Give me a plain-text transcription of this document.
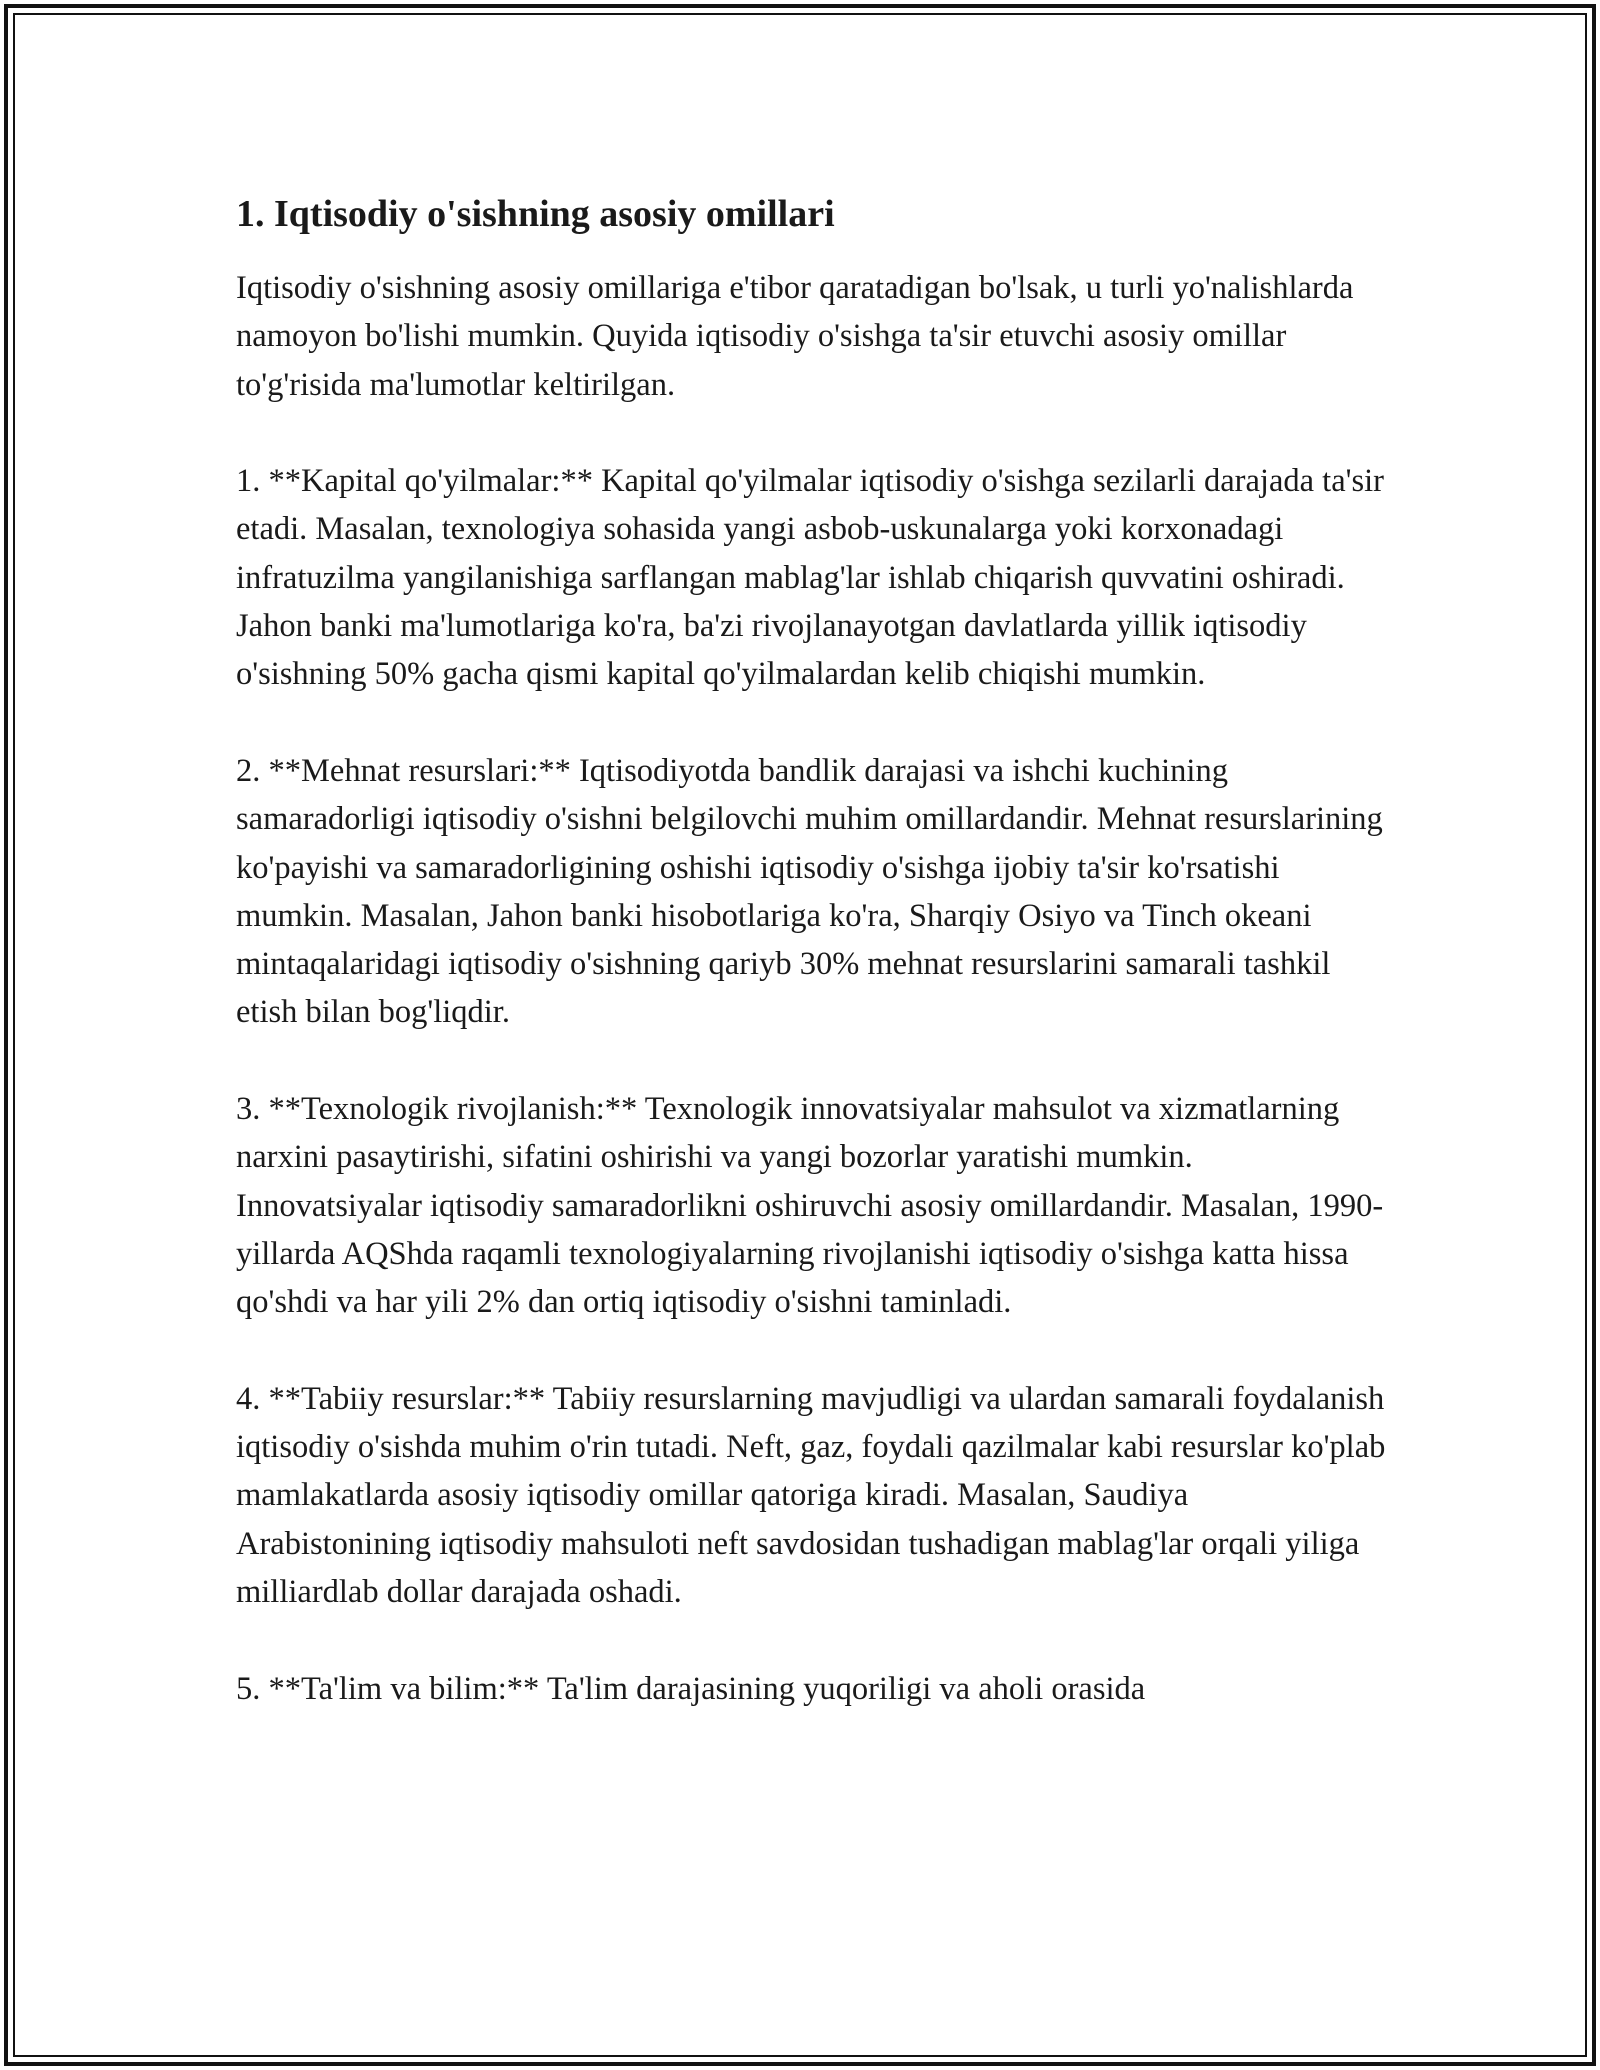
1. Iqtisodiy o'sishning asosiy omillari

Iqtisodiy o'sishning asosiy omillariga e'tibor qaratadigan bo'lsak, u turli yo'nalishlarda namoyon bo'lishi mumkin. Quyida iqtisodiy o'sishga ta'sir etuvchi asosiy omillar to'g'risida ma'lumotlar keltirilgan.

1. **Kapital qo'yilmalar:** Kapital qo'yilmalar iqtisodiy o'sishga sezilarli darajada ta'sir etadi. Masalan, texnologiya sohasida yangi asbob-uskunalarga yoki korxonadagi infratuzilma yangilanishiga sarflangan mablag'lar ishlab chiqarish quvvatini oshiradi. Jahon banki ma'lumotlariga ko'ra, ba'zi rivojlanayotgan davlatlarda yillik iqtisodiy o'sishning 50% gacha qismi kapital qo'yilmalardan kelib chiqishi mumkin.

2. **Mehnat resurslari:** Iqtisodiyotda bandlik darajasi va ishchi kuchining samaradorligi iqtisodiy o'sishni belgilovchi muhim omillardandir. Mehnat resurslarining ko'payishi va samaradorligining oshishi iqtisodiy o'sishga ijobiy ta'sir ko'rsatishi mumkin. Masalan, Jahon banki hisobotlariga ko'ra, Sharqiy Osiyo va Tinch okeani mintaqalaridagi iqtisodiy o'sishning qariyb 30% mehnat resurslarini samarali tashkil etish bilan bog'liqdir.

3. **Texnologik rivojlanish:** Texnologik innovatsiyalar mahsulot va xizmatlarning narxini pasaytirishi, sifatini oshirishi va yangi bozorlar yaratishi mumkin. Innovatsiyalar iqtisodiy samaradorlikni oshiruvchi asosiy omillardandir. Masalan, 1990-yillarda AQShda raqamli texnologiyalarning rivojlanishi iqtisodiy o'sishga katta hissa qo'shdi va har yili 2% dan ortiq iqtisodiy o'sishni taminladi.

4. **Tabiiy resurslar:** Tabiiy resurslarning mavjudligi va ulardan samarali foydalanish iqtisodiy o'sishda muhim o'rin tutadi. Neft, gaz, foydali qazilmalar kabi resurslar ko'plab mamlakatlarda asosiy iqtisodiy omillar qatoriga kiradi. Masalan, Saudiya Arabistonining iqtisodiy mahsuloti neft savdosidan tushadigan mablag'lar orqali yiliga milliardlab dollar darajada oshadi.

5. **Ta'lim va bilim:** Ta'lim darajasining yuqoriligi va aholi orasida
